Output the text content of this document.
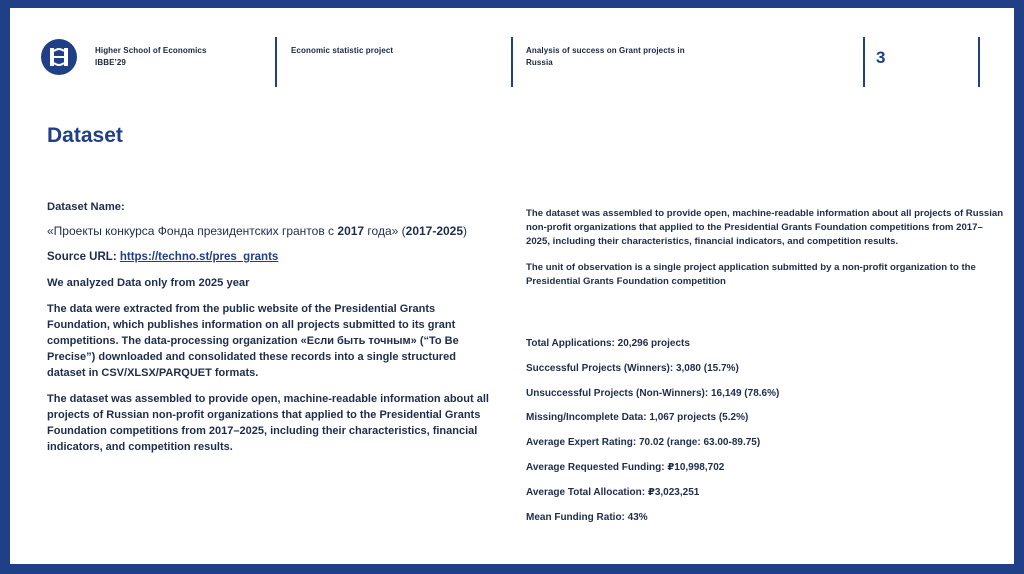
Higher School of Economics
IBBE’29
Economic statistic project	Analysis of success on Grant projects in
Russia	3
Dataset

Dataset Name:

«Проекты конкурса Фонда президентских грантов с 2017 года» (2017-2025)

Source URL: https://techno.st/pres_grants

We analyzed Data only from 2025 year

The data were extracted from the public website of the Presidential Grants Foundation, which publishes information on all projects submitted to its grant competitions. The data-processing organization «Если быть точным» (“To Be Precise”) downloaded and consolidated these records into a single structured dataset in CSV/XLSX/PARQUET formats.

The dataset was assembled to provide open, machine-readable information about all projects of Russian non-profit organizations that applied to the Presidential Grants Foundation competitions from 2017–2025, including their characteristics, financial indicators, and competition results.

The dataset was assembled to provide open, machine-readable information about all projects of Russian non-profit organizations that applied to the Presidential Grants Foundation competitions from 2017–2025, including their characteristics, financial indicators, and competition results.

The unit of observation is a single project application submitted by a non-profit organization to the Presidential Grants Foundation competition

Total Applications: 20,296 projects
Successful Projects (Winners): 3,080 (15.7%)
Unsuccessful Projects (Non-Winners): 16,149 (78.6%)
Missing/Incomplete Data: 1,067 projects (5.2%)
Average Expert Rating: 70.02 (range: 63.00-89.75)
Average Requested Funding: ₽10,998,702
Average Total Allocation: ₽3,023,251
Mean Funding Ratio: 43%
